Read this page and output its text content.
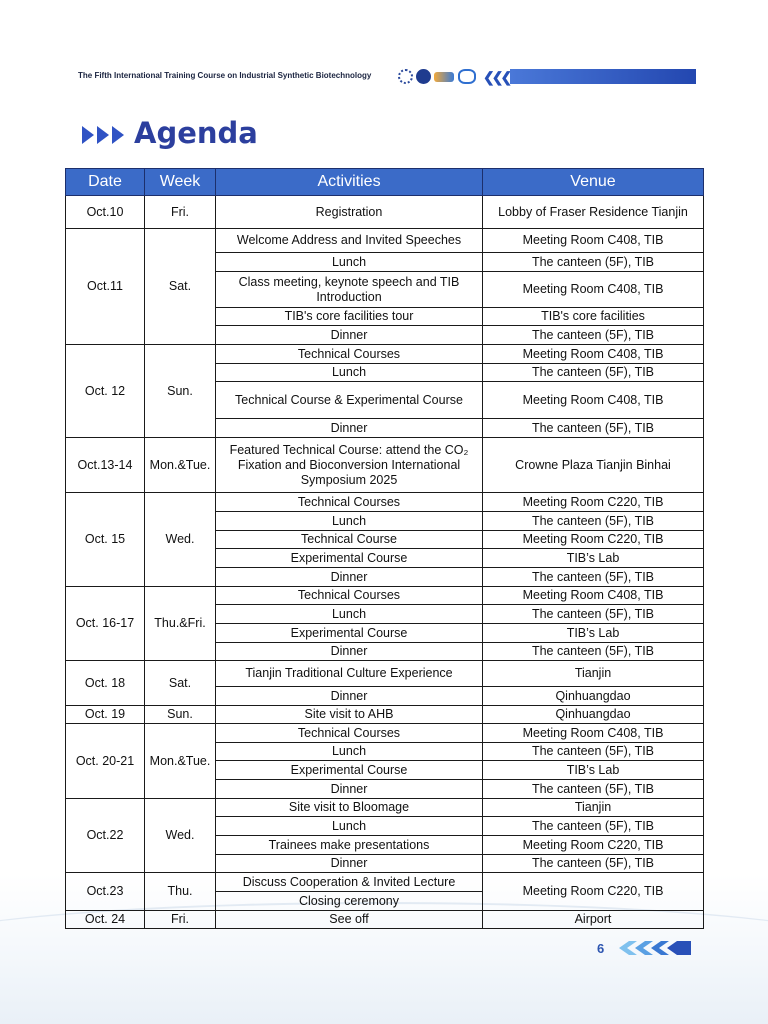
The Fifth International Training Course on Industrial Synthetic Biotechnology	❮❮❮
Agenda
Date	Week	Activities	Venue
Oct.10	Fri.	Registration	Lobby of Fraser Residence Tianjin
Oct.11	Sat.	Welcome Address and Invited Speeches	Meeting Room C408, TIB
		Lunch	The canteen (5F), TIB
		Class meeting, keynote speech and TIB Introduction	Meeting Room C408, TIB
		TIB's core facilities tour	TIB's core facilities
		Dinner	The canteen (5F), TIB
Oct. 12	Sun.	Technical Courses	Meeting Room C408, TIB
		Lunch	The canteen (5F), TIB
		Technical Course & Experimental Course	Meeting Room C408, TIB
		Dinner	The canteen (5F), TIB
Oct.13-14	Mon.&Tue.	Featured Technical Course: attend the CO₂ Fixation and Bioconversion International Symposium 2025	Crowne Plaza Tianjin Binhai
Oct. 15	Wed.	Technical Courses	Meeting Room C220, TIB
		Lunch	The canteen (5F), TIB
		Technical Course	Meeting Room C220, TIB
		Experimental Course	TIB’s Lab
		Dinner	The canteen (5F), TIB
Oct. 16-17	Thu.&Fri.	Technical Courses	Meeting Room C408, TIB
		Lunch	The canteen (5F), TIB
		Experimental Course	TIB’s Lab
		Dinner	The canteen (5F), TIB
Oct. 18	Sat.	Tianjin Traditional Culture Experience	Tianjin
		Dinner	Qinhuangdao
Oct. 19	Sun.	Site visit to AHB	Qinhuangdao
Oct. 20-21	Mon.&Tue.	Technical Courses	Meeting Room C408, TIB
		Lunch	The canteen (5F), TIB
		Experimental Course	TIB’s Lab
		Dinner	The canteen (5F), TIB
Oct.22	Wed.	Site visit to Bloomage	Tianjin
		Lunch	The canteen (5F), TIB
		Trainees make presentations	Meeting Room C220, TIB
		Dinner	The canteen (5F), TIB
Oct.23	Thu.	Discuss Cooperation & Invited Lecture	Meeting Room C220, TIB
		Closing ceremony	
Oct. 24	Fri.	See off	Airport
6
